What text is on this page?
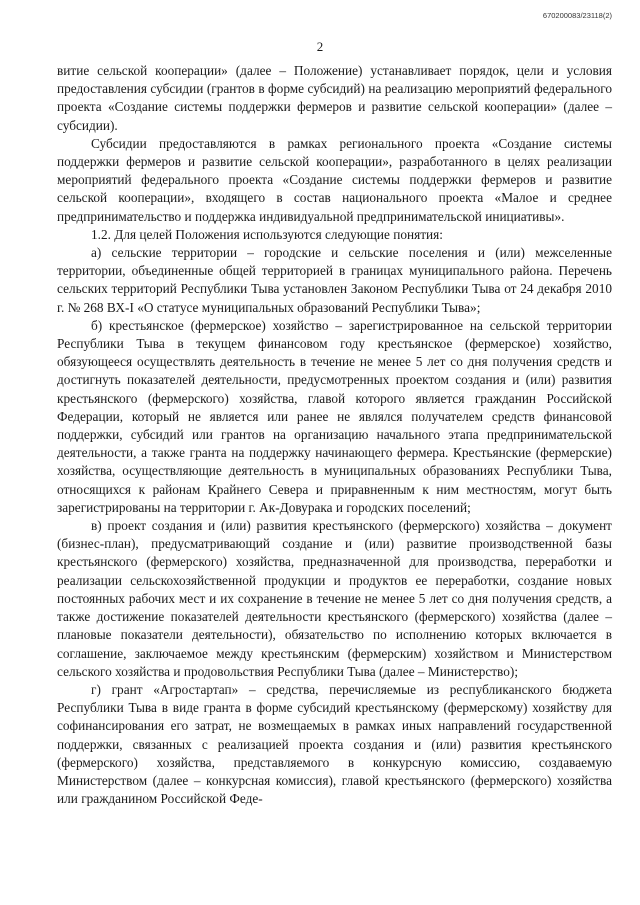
670200083/23118(2)
2

витие сельской кооперации» (далее – Положение) устанавливает порядок, цели и условия предоставления субсидии (грантов в форме субсидий) на реализацию мероприятий федерального проекта «Создание системы поддержки фермеров и развитие сельской кооперации» (далее – субсидии).

Субсидии предоставляются в рамках регионального проекта «Создание системы поддержки фермеров и развитие сельской кооперации», разработанного в целях реализации мероприятий федерального проекта «Создание системы поддержки фермеров и развитие сельской кооперации», входящего в состав национального проекта «Малое и среднее предпринимательство и поддержка индивидуальной предпринимательской инициативы».

1.2. Для целей Положения используются следующие понятия:

а) сельские территории – городские и сельские поселения и (или) межселенные территории, объединенные общей территорией в границах муниципального района. Перечень сельских территорий Республики Тыва установлен Законом Республики Тыва от 24 декабря 2010 г. № 268 ВХ-I «О статусе муниципальных образований Республики Тыва»;

б) крестьянское (фермерское) хозяйство – зарегистрированное на сельской территории Республики Тыва в текущем финансовом году крестьянское (фермерское) хозяйство, обязующееся осуществлять деятельность в течение не менее 5 лет со дня получения средств и достигнуть показателей деятельности, предусмотренных проектом создания и (или) развития крестьянского (фермерского) хозяйства, главой которого является гражданин Российской Федерации, который не является или ранее не являлся получателем средств финансовой поддержки, субсидий или грантов на организацию начального этапа предпринимательской деятельности, а также гранта на поддержку начинающего фермера. Крестьянские (фермерские) хозяйства, осуществляющие деятельность в муниципальных образованиях Республики Тыва, относящихся к районам Крайнего Севера и приравненным к ним местностям, могут быть зарегистрированы на территории г. Ак-Довурака и городских поселений;

в) проект создания и (или) развития крестьянского (фермерского) хозяйства – документ (бизнес-план), предусматривающий создание и (или) развитие производственной базы крестьянского (фермерского) хозяйства, предназначенной для производства, переработки и реализации сельскохозяйственной продукции и продуктов ее переработки, создание новых постоянных рабочих мест и их сохранение в течение не менее 5 лет со дня получения средств, а также достижение показателей деятельности крестьянского (фермерского) хозяйства (далее – плановые показатели деятельности), обязательство по исполнению которых включается в соглашение, заключаемое между крестьянским (фермерским) хозяйством и Министерством сельского хозяйства и продовольствия Республики Тыва (далее – Министерство);

г) грант «Агростартап» – средства, перечисляемые из республиканского бюджета Республики Тыва в виде гранта в форме субсидий крестьянскому (фермерскому) хозяйству для софинансирования его затрат, не возмещаемых в рамках иных направлений государственной поддержки, связанных с реализацией проекта создания и (или) развития крестьянского (фермерского) хозяйства, представляемого в конкурсную комиссию, создаваемую Министерством (далее – конкурсная комиссия), главой крестьянского (фермерского) хозяйства или гражданином Российской Феде-
